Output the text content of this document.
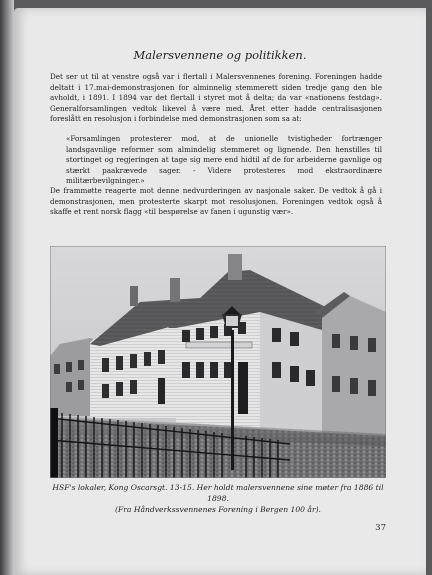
Malersvennene og politikken.
Det ser ut til at venstre også var i flertall i Malersvennenes forening. Foreningen hadde deltatt i 17.mai-demonstrasjonen for alminnelig stemmerett siden tredje gang den ble avholdt, i 1891. I 1894 var det flertall i styret mot å delta; da var «nationens festdag». Generalforsamlingen vedtok likevel å være med. Året etter hadde centralisasjonen foreslått en resolusjon i forbindelse med demonstrasjonen som sa at:
«Forsamlingen protesterer mod, at de unionelle tvistigheder fortrænger landsgavnlige reformer som almindelig stemmeret og lignende. Den henstilles til stortinget og regjeringen at tage sig mere end hidtil af de for arbeiderne gavnlige og stærkt paakrævede sager. - Videre protesteres mod ekstraordinære militærbevilgninger.»
De frammøtte reagerte mot denne nedvurderingen av nasjonale saker. De vedtok å gå i demonstrasjonen, men protesterte skarpt mot resolusjonen. Foreningen vedtok også å skaffe et rent norsk flagg «til bespørelse av fanen i ugunstig vær».
HSF's lokaler, Kong Oscarsgt. 13-15. Her holdt malersvennene sine møter fra 1886 til 1898.
(Fra Håndverkssvennenes Forening i Bergen 100 år).
37
